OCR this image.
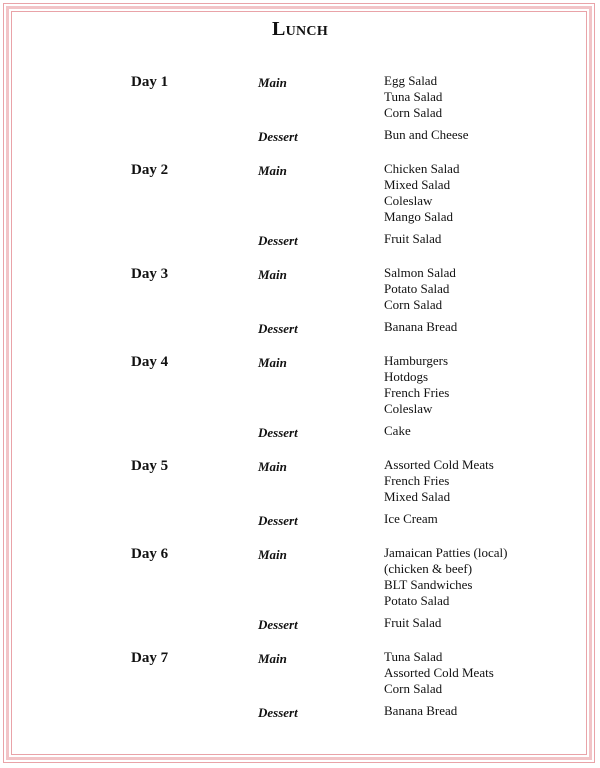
Lunch
Day 1	Main	Egg Salad
Tuna Salad
Corn Salad
Dessert	Bun and Cheese
Day 2	Main	Chicken Salad
Mixed Salad
Coleslaw
Mango Salad
Dessert	Fruit Salad
Day 3	Main	Salmon Salad
Potato Salad
Corn Salad
Dessert	Banana Bread
Day 4	Main	Hamburgers
Hotdogs
French Fries
Coleslaw
Dessert	Cake
Day 5	Main	Assorted Cold Meats
French Fries
Mixed Salad
Dessert	Ice Cream
Day 6	Main	Jamaican Patties (local)
(chicken & beef)
BLT Sandwiches
Potato Salad
Dessert	Fruit Salad
Day 7	Main	Tuna Salad
Assorted Cold Meats
Corn Salad
Dessert	Banana Bread
